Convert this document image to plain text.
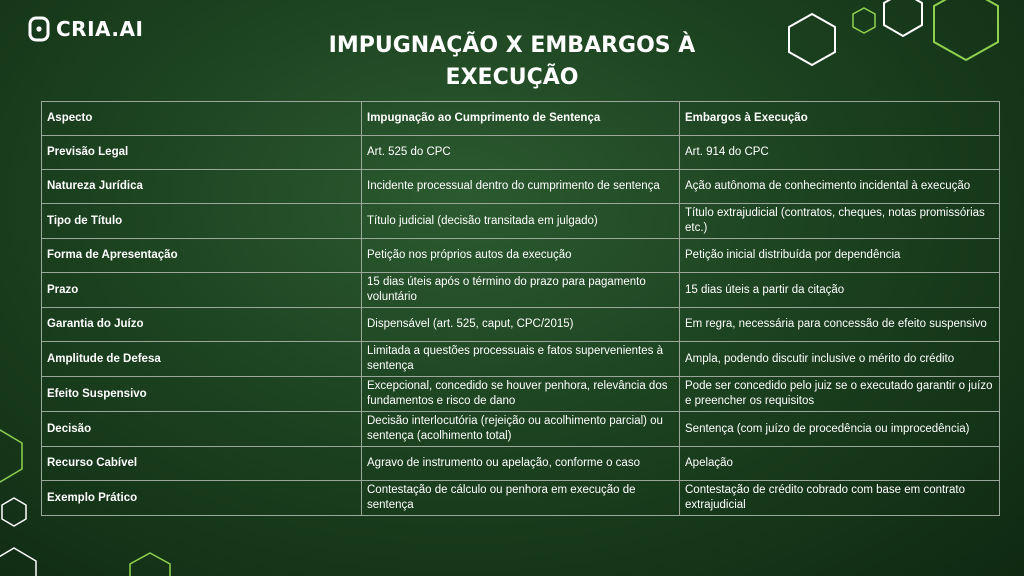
CRIA.AI
IMPUGNAÇÃO X EMBARGOS À
EXECUÇÃO
Aspecto	Impugnação ao Cumprimento de Sentença	Embargos à Execução
Previsão Legal	Art. 525 do CPC	Art. 914 do CPC
Natureza Jurídica	Incidente processual dentro do cumprimento de sentença	Ação autônoma de conhecimento incidental à execução
Tipo de Título	Título judicial (decisão transitada em julgado)	Título extrajudicial (contratos, cheques, notas promissórias etc.)
Forma de Apresentação	Petição nos próprios autos da execução	Petição inicial distribuída por dependência
Prazo	15 dias úteis após o término do prazo para pagamento voluntário	15 dias úteis a partir da citação
Garantia do Juízo	Dispensável (art. 525, caput, CPC/2015)	Em regra, necessária para concessão de efeito suspensivo
Amplitude de Defesa	Limitada a questões processuais e fatos supervenientes à sentença	Ampla, podendo discutir inclusive o mérito do crédito
Efeito Suspensivo	Excepcional, concedido se houver penhora, relevância dos fundamentos e risco de dano	Pode ser concedido pelo juiz se o executado garantir o juízo e preencher os requisitos
Decisão	Decisão interlocutória (rejeição ou acolhimento parcial) ou sentença (acolhimento total)	Sentença (com juízo de procedência ou improcedência)
Recurso Cabível	Agravo de instrumento ou apelação, conforme o caso	Apelação
Exemplo Prático	Contestação de cálculo ou penhora em execução de sentença	Contestação de crédito cobrado com base em contrato extrajudicial
